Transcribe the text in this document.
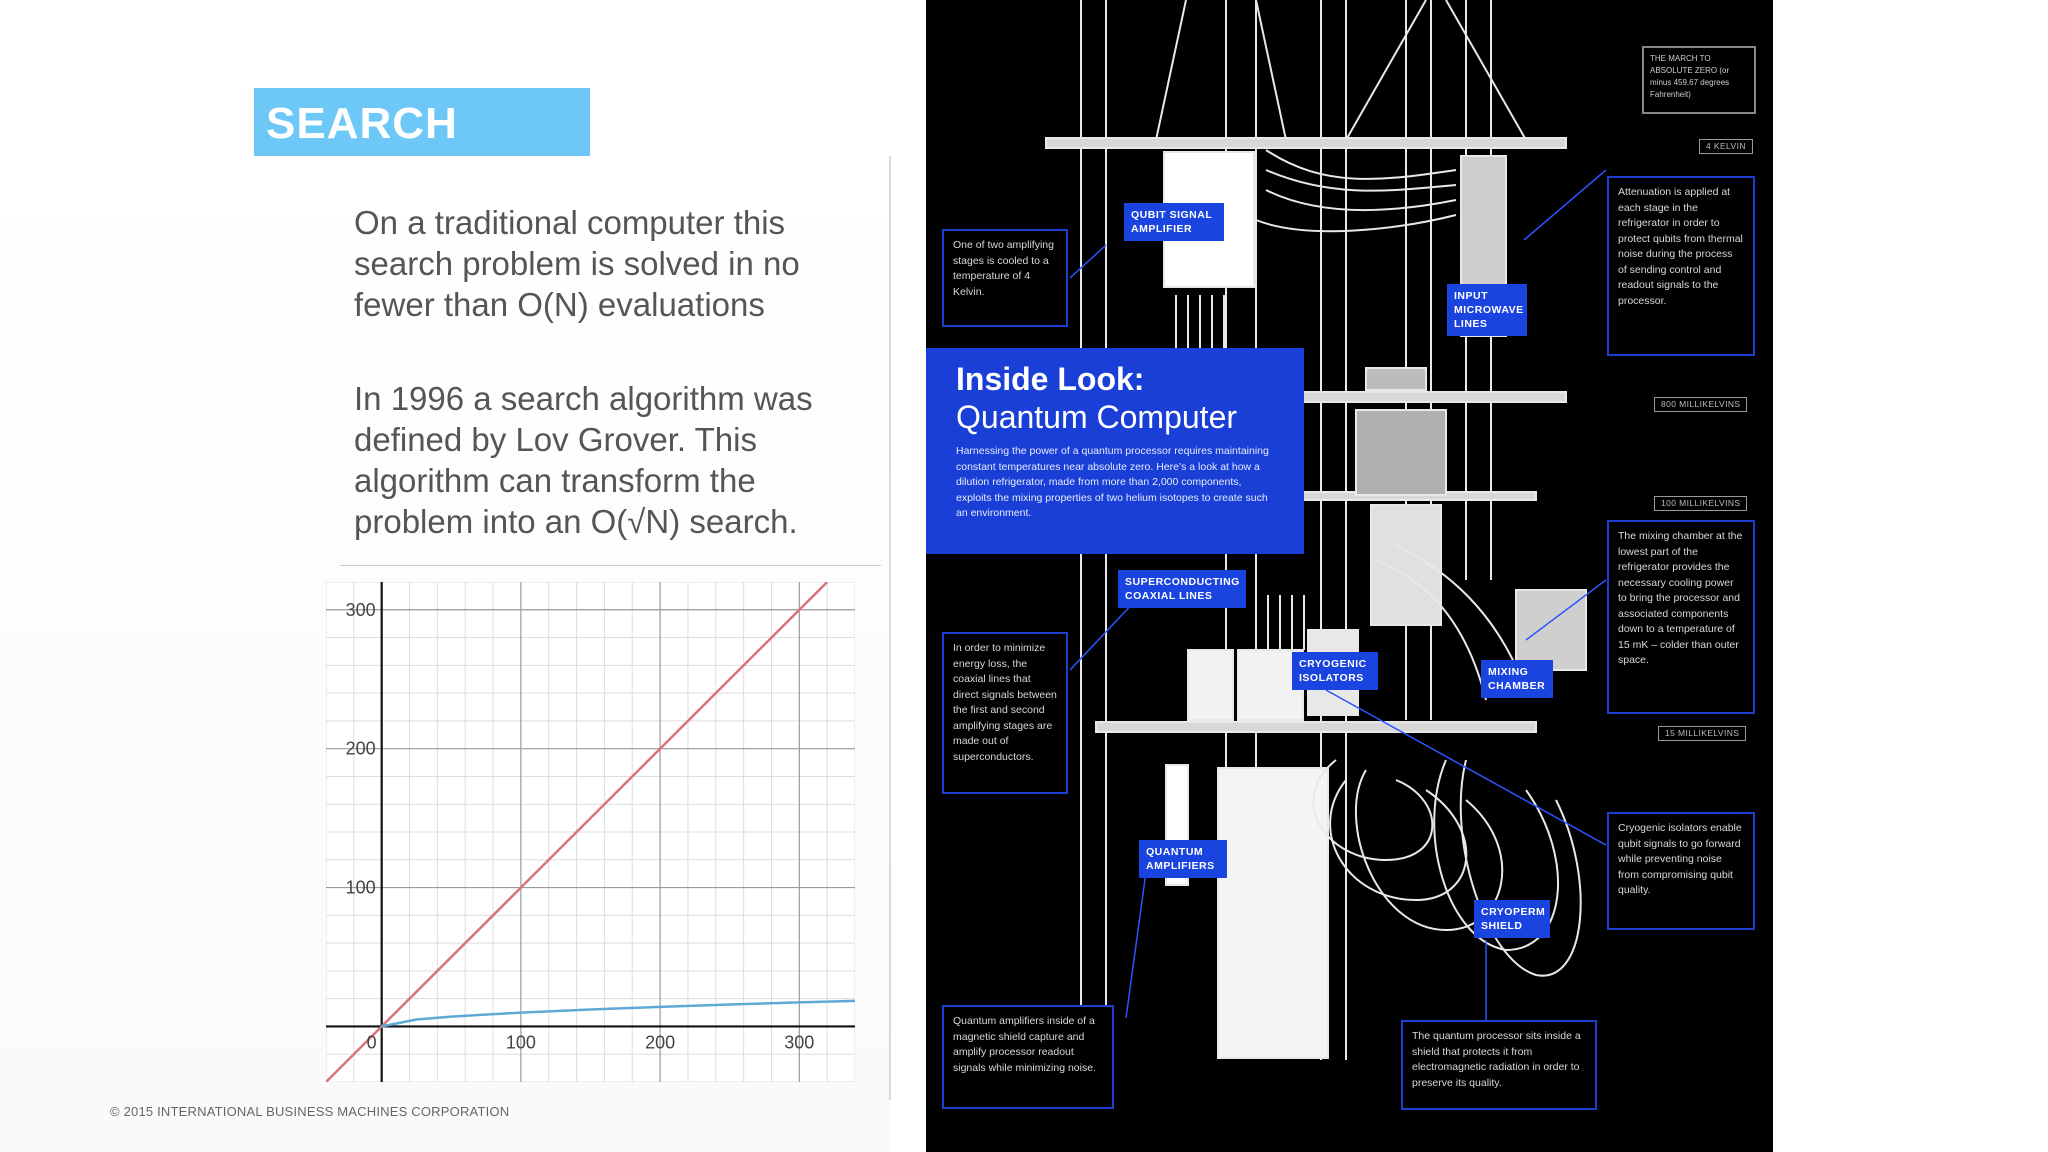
SEARCH
On a traditional computer this search problem is solved in no fewer than O(N) evaluations
In 1996 a search algorithm was defined by Lov Grover. This algorithm can transform the problem into an O(√N) search.
0	100	200	300
100
200
300
© 2015 INTERNATIONAL BUSINESS MACHINES CORPORATION
THE MARCH TO ABSOLUTE ZERO (or minus 459.67 degrees Fahrenheit)
4 KELVIN
800 MILLIKELVINS
100 MILLIKELVINS
15 MILLIKELVINS
QUBIT SIGNAL AMPLIFIER
INPUT MICROWAVE LINES
SUPERCONDUCTING COAXIAL LINES
CRYOGENIC ISOLATORS	MIXING CHAMBER
QUANTUM AMPLIFIERS
CRYOPERM SHIELD
Inside Look:
Quantum Computer
Harnessing the power of a quantum processor requires maintaining constant temperatures near absolute zero. Here’s a look at how a dilution refrigerator, made from more than 2,000 components, exploits the mixing properties of two helium isotopes to create such an environment.
One of two amplifying stages is cooled to a temperature of 4 Kelvin.
Attenuation is applied at each stage in the refrigerator in order to protect qubits from thermal noise during the process of sending control and readout signals to the processor.
In order to minimize energy loss, the coaxial lines that direct signals between the first and second amplifying stages are made out of superconductors.
The mixing chamber at the lowest part of the refrigerator provides the necessary cooling power to bring the processor and associated components down to a temperature of 15 mK – colder than outer space.
Cryogenic isolators enable qubit signals to go forward while preventing noise from compromising qubit quality.
Quantum amplifiers inside of a magnetic shield capture and amplify processor readout signals while minimizing noise.
The quantum processor sits inside a shield that protects it from electromagnetic radiation in order to preserve its quality.
